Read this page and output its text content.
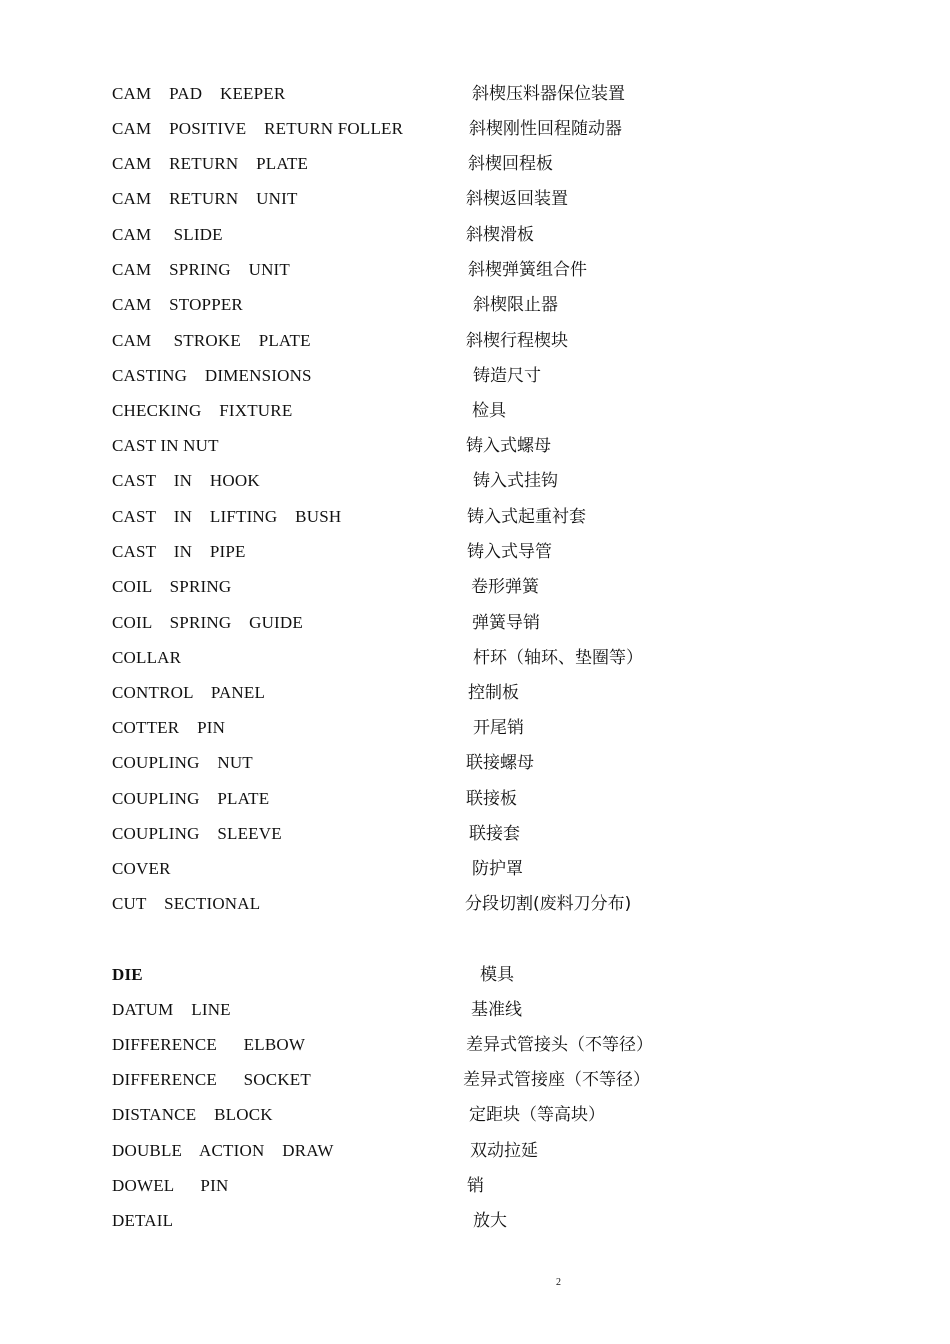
CAM    PAD    KEEPER	斜楔压料器保位装置
CAM    POSITIVE    RETURN FOLLER	斜楔刚性回程随动器
CAM    RETURN    PLATE	斜楔回程板
CAM    RETURN    UNIT	斜楔返回装置
CAM     SLIDE	斜楔滑板
CAM    SPRING    UNIT	斜楔弹簧组合件
CAM    STOPPER	斜楔限止器
CAM     STROKE    PLATE	斜楔行程楔块
CASTING    DIMENSIONS	铸造尺寸
CHECKING    FIXTURE	检具
CAST IN NUT	铸入式螺母
CAST    IN    HOOK	铸入式挂钩
CAST    IN    LIFTING    BUSH	铸入式起重衬套
CAST    IN    PIPE	铸入式导管
COIL    SPRING	卷形弹簧
COIL    SPRING    GUIDE	弹簧导销
COLLAR	杆环（轴环、垫圈等）
CONTROL    PANEL	控制板
COTTER    PIN	开尾销
COUPLING    NUT	联接螺母
COUPLING    PLATE	联接板
COUPLING    SLEEVE	联接套
COVER	防护罩
CUT    SECTIONAL	分段切割(废料刀分布)
DIE	模具
DATUM    LINE	基准线
DIFFERENCE      ELBOW	差异式管接头（不等径）
DIFFERENCE      SOCKET	差异式管接座（不等径）
DISTANCE    BLOCK	定距块（等高块）
DOUBLE    ACTION    DRAW	双动拉延
DOWEL      PIN	销
DETAIL	放大
2
